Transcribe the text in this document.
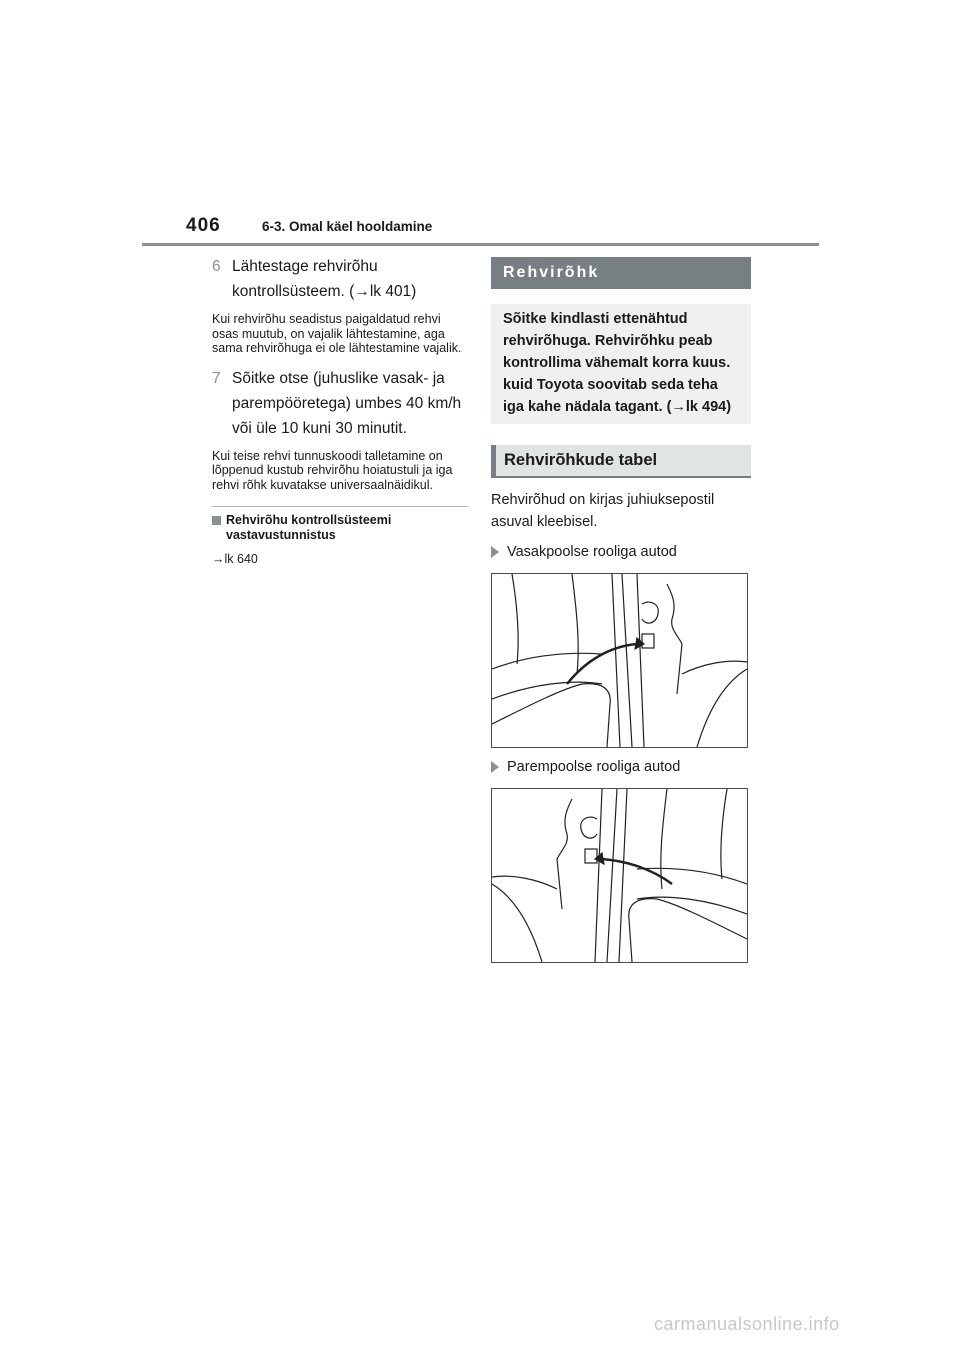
406	6-3. Omal käel hooldamine
6 Lähtestage rehvirõhu kontrollsüsteem. (→lk 401)

Kui rehvirõhu seadistus paigaldatud rehvi osas muutub, on vajalik lähtestamine, aga sama rehvirõhuga ei ole lähtestamine vajalik.

7 Sõitke otse (juhuslike vasak- ja parempööretega) umbes 40 km/h või üle 10 kuni 30 minutit.

Kui teise rehvi tunnuskoodi talletamine on lõppenud kustub rehvirõhu hoiatustuli ja iga rehvi rõhk kuvatakse universaalnäidikul.

Rehvirõhu kontrollsüsteemi vastavustunnistus
→lk 640
Rehvirõhk
Sõitke kindlasti ettenähtud rehvirõhuga. Rehvirõhku peab kontrollima vähemalt korra kuus. kuid Toyota soovitab seda teha iga kahe nädala tagant. (→lk 494)
Rehvirõhkude tabel
Rehvirõhud on kirjas juhiuksepostil asuval kleebisel.
Vasakpoolse rooliga autod
Parempoolse rooliga autod
carmanualsonline.info
